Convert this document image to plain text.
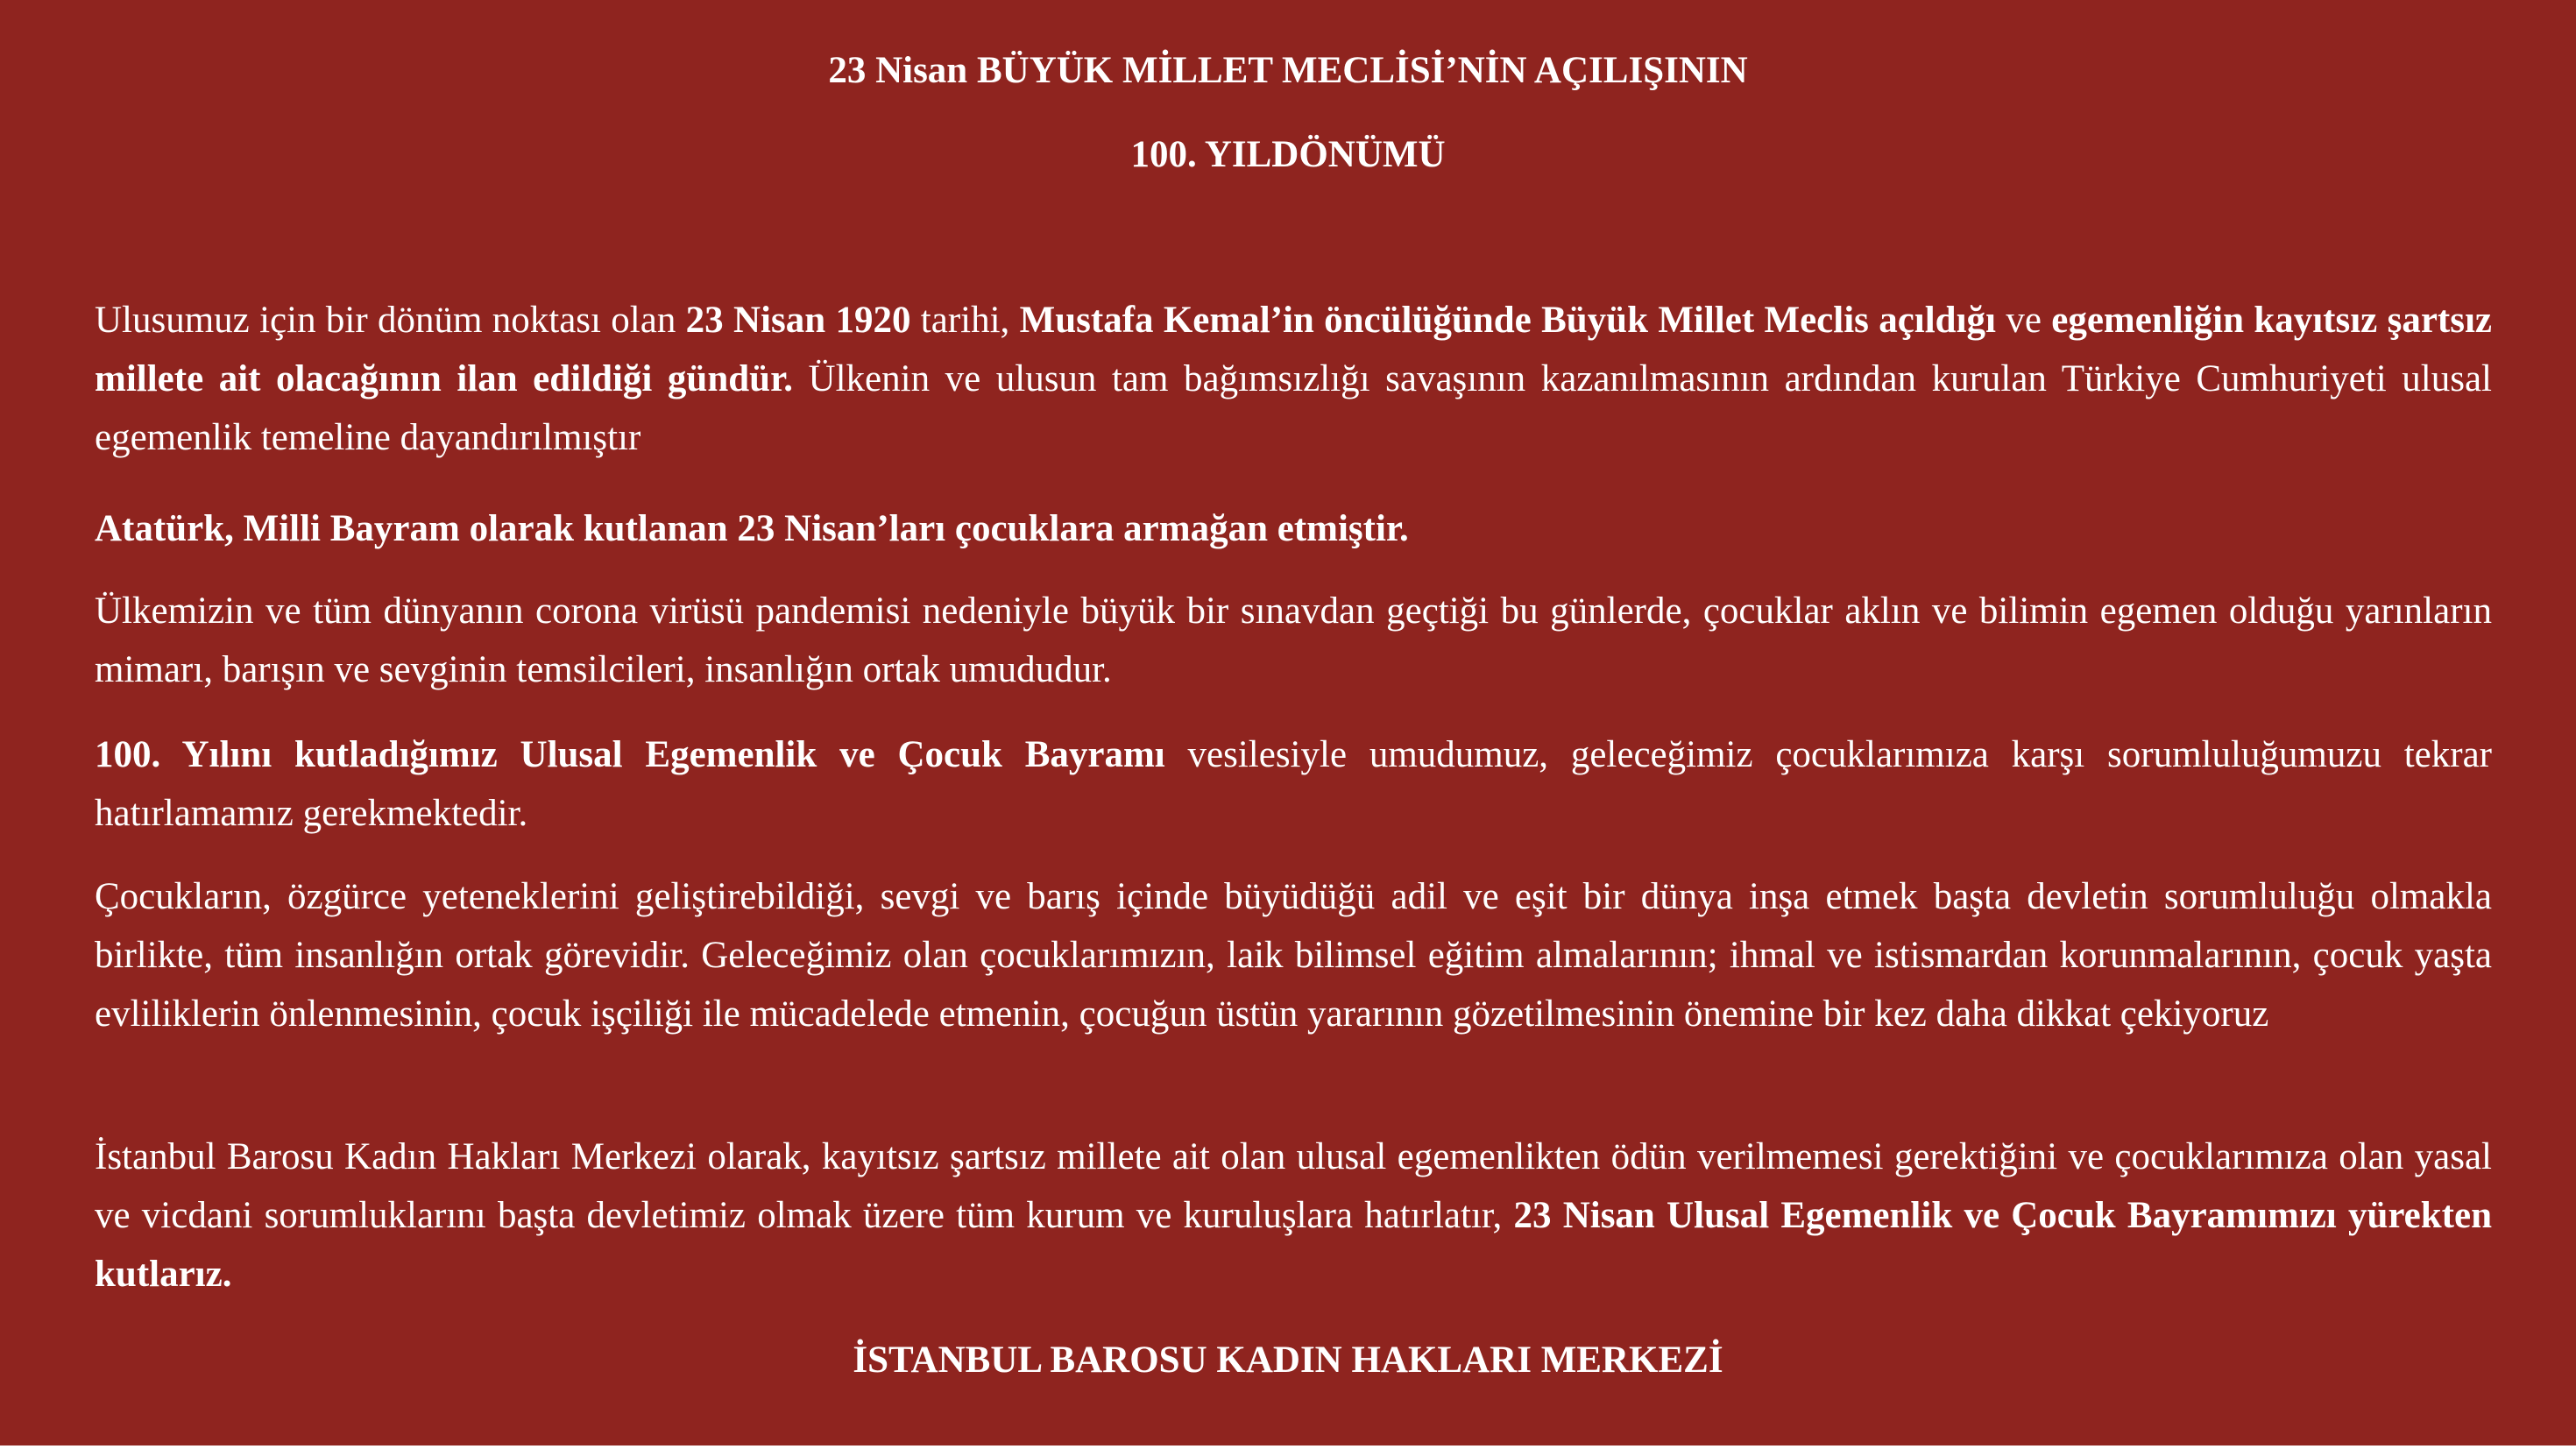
23 Nisan BÜYÜK MİLLET MECLİSİ’NİN AÇILIŞININ
100. YILDÖNÜMÜ

Ulusumuz için bir dönüm noktası olan 23 Nisan 1920 tarihi, Mustafa Kemal’in öncülüğünde Büyük Millet Meclis açıldığı ve egemenliğin kayıtsız şartsız millete ait olacağının ilan edildiği gündür. Ülkenin ve ulusun tam bağımsızlığı savaşının kazanılmasının ardından kurulan Türkiye Cumhuriyeti ulusal egemenlik temeline dayandırılmıştır

Atatürk, Milli Bayram olarak kutlanan 23 Nisan’ları çocuklara armağan etmiştir.

Ülkemizin ve tüm dünyanın corona virüsü pandemisi nedeniyle büyük bir sınavdan geçtiği bu günlerde, çocuklar aklın ve bilimin egemen olduğu yarınların mimarı, barışın ve sevginin temsilcileri, insanlığın ortak umududur.

100. Yılını kutladığımız Ulusal Egemenlik ve Çocuk Bayramı vesilesiyle umudumuz, geleceğimiz çocuklarımıza karşı sorumluluğumuzu tekrar hatırlamamız gerekmektedir.

Çocukların, özgürce yeteneklerini geliştirebildiği, sevgi ve barış içinde büyüdüğü adil ve eşit bir dünya inşa etmek başta devletin sorumluluğu olmakla birlikte, tüm insanlığın ortak görevidir. Geleceğimiz olan çocuklarımızın, laik bilimsel eğitim almalarının; ihmal ve istismardan korunmalarının, çocuk yaşta evliliklerin önlenmesinin, çocuk işçiliği ile mücadelede etmenin, çocuğun üstün yararının gözetilmesinin önemine bir kez daha dikkat çekiyoruz

İstanbul Barosu Kadın Hakları Merkezi olarak, kayıtsız şartsız millete ait olan ulusal egemenlikten ödün verilmemesi gerektiğini ve çocuklarımıza olan yasal ve vicdani sorumluklarını başta devletimiz olmak üzere tüm kurum ve kuruluşlara hatırlatır, 23 Nisan Ulusal Egemenlik ve Çocuk Bayramımızı yürekten kutlarız.

İSTANBUL BAROSU KADIN HAKLARI MERKEZİ
